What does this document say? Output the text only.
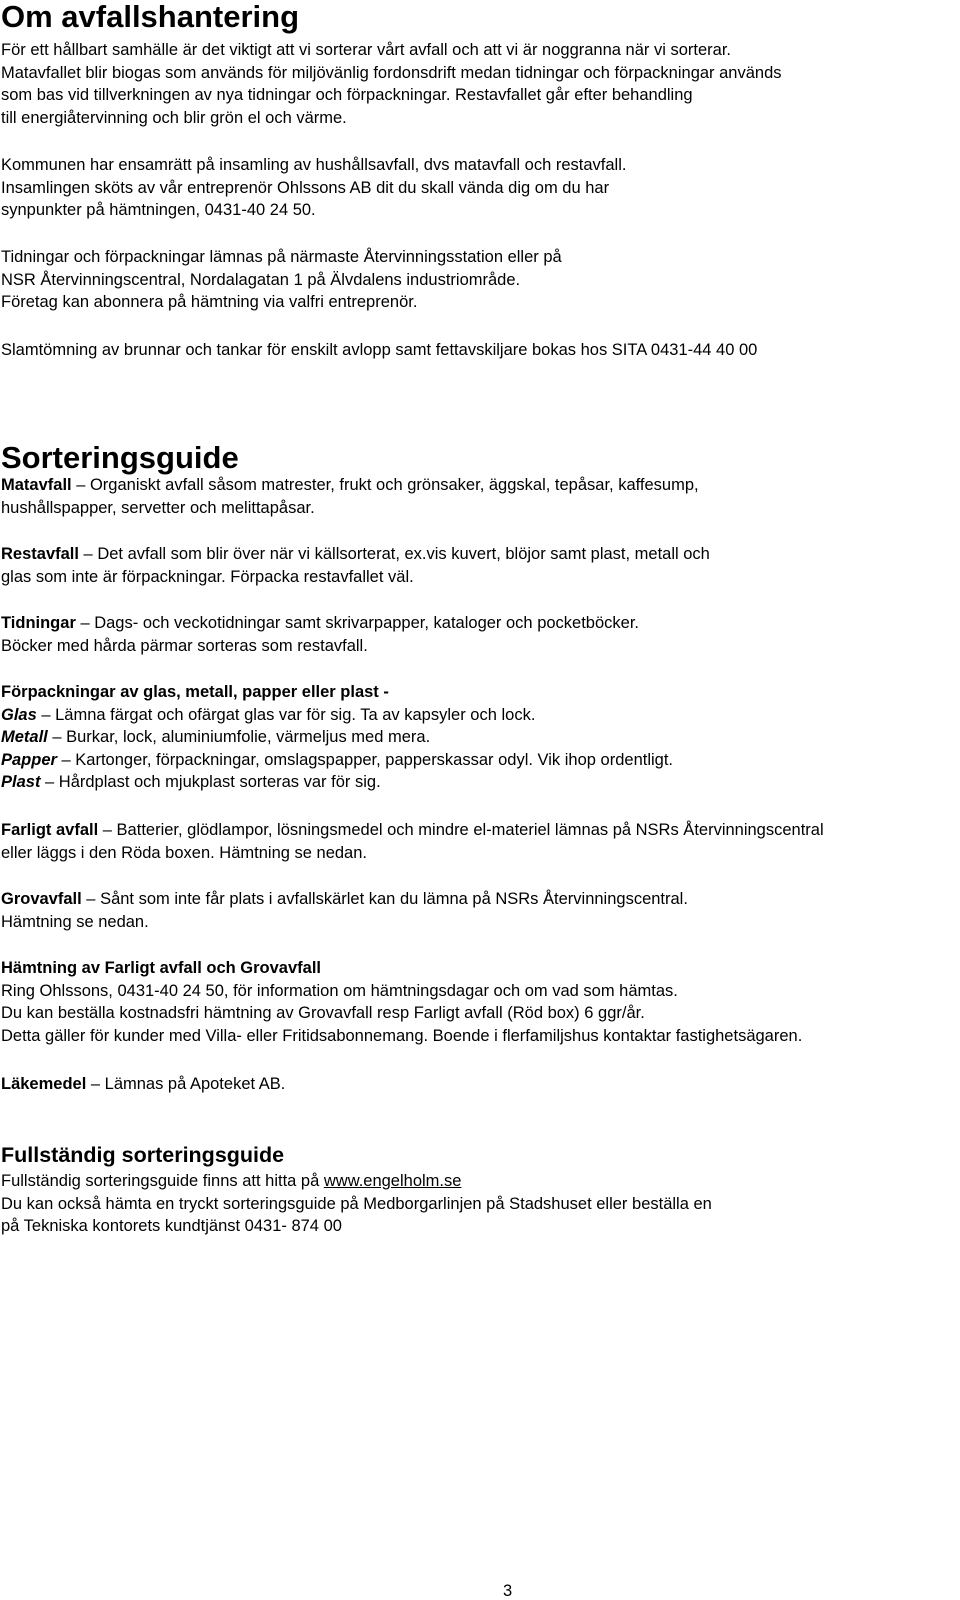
Om avfallshantering
För ett hållbart samhälle är det viktigt att vi sorterar vårt avfall och att vi är noggranna när vi sorterar.
Matavfallet blir biogas som används för miljövänlig fordonsdrift medan tidningar och förpackningar används
som bas vid tillverkningen av nya tidningar och förpackningar. Restavfallet går efter behandling
till energiåtervinning och blir grön el och värme.
Kommunen har ensamrätt på insamling av hushållsavfall, dvs matavfall och restavfall.
Insamlingen sköts av vår entreprenör Ohlssons AB dit du skall vända dig om du har
synpunkter på hämtningen, 0431-40 24 50.
Tidningar och förpackningar lämnas på närmaste Återvinningsstation eller på
NSR Återvinningscentral, Nordalagatan 1 på Älvdalens industriområde.
Företag kan abonnera på hämtning via valfri entreprenör.
Slamtömning av brunnar och tankar för enskilt avlopp samt fettavskiljare bokas hos SITA 0431-44 40 00
Sorteringsguide
Matavfall – Organiskt avfall såsom matrester, frukt och grönsaker, äggskal, tepåsar, kaffesump,
hushållspapper, servetter och melittapåsar.
Restavfall – Det avfall som blir över när vi källsorterat, ex.vis kuvert, blöjor samt plast, metall och
glas som inte är förpackningar. Förpacka restavfallet väl.
Tidningar – Dags- och veckotidningar samt skrivarpapper, kataloger och pocketböcker.
Böcker med hårda pärmar sorteras som restavfall.
Förpackningar av glas, metall, papper eller plast -
Glas – Lämna färgat och ofärgat glas var för sig. Ta av kapsyler och lock.
Metall – Burkar, lock, aluminiumfolie, värmeljus med mera.
Papper – Kartonger, förpackningar, omslagspapper, papperskassar odyl. Vik ihop ordentligt.
Plast – Hårdplast och mjukplast sorteras var för sig.
Farligt avfall – Batterier, glödlampor, lösningsmedel och mindre el-materiel lämnas på NSRs Återvinningscentral
eller läggs i den Röda boxen. Hämtning se nedan.
Grovavfall – Sånt som inte får plats i avfallskärlet kan du lämna på NSRs Återvinningscentral.
Hämtning se nedan.
Hämtning av Farligt avfall och Grovavfall
Ring Ohlssons, 0431-40 24 50, för information om hämtningsdagar och om vad som hämtas.
Du kan beställa kostnadsfri hämtning av Grovavfall resp Farligt avfall (Röd box) 6 ggr/år.
Detta gäller för kunder med Villa- eller Fritidsabonnemang. Boende i flerfamiljshus kontaktar fastighetsägaren.
Läkemedel – Lämnas på Apoteket AB.
Fullständig sorteringsguide
Fullständig sorteringsguide finns att hitta på www.engelholm.se
Du kan också hämta en tryckt sorteringsguide på Medborgarlinjen på Stadshuset eller beställa en
på Tekniska kontorets kundtjänst 0431- 874 00
3
